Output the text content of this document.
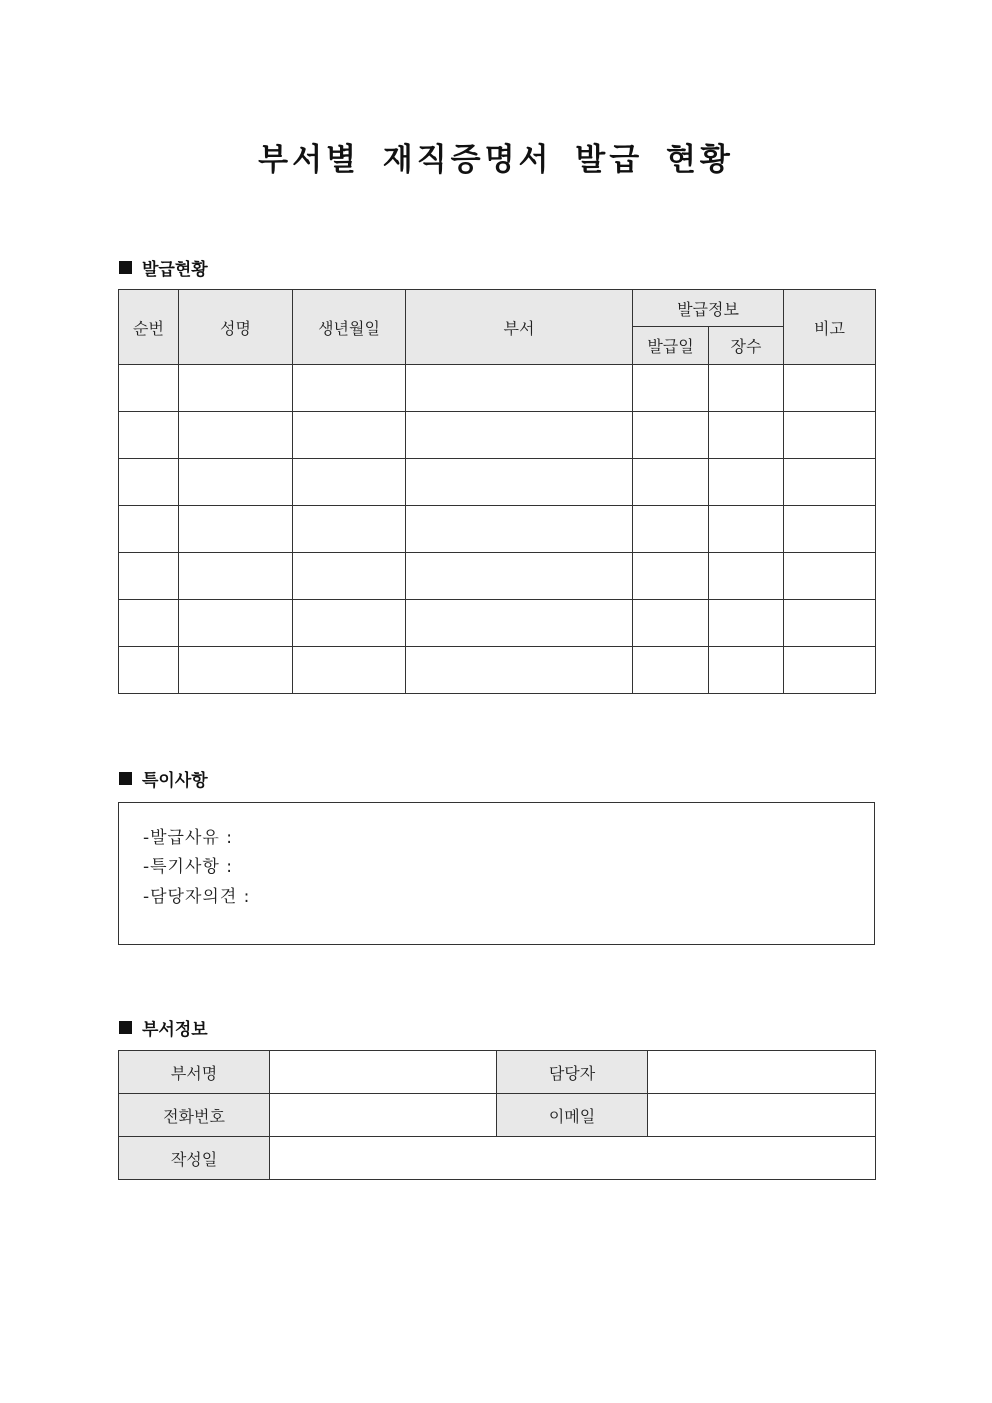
부서별 재직증명서 발급 현황
발급현황
순번	성명	생년월일	부서	발급정보		비고
				발급일	장수	

특이사항
-발급사유 :
-특기사항 :
-담당자의견 :
부서정보
부서명		담당자	
전화번호		이메일	
작성일			
